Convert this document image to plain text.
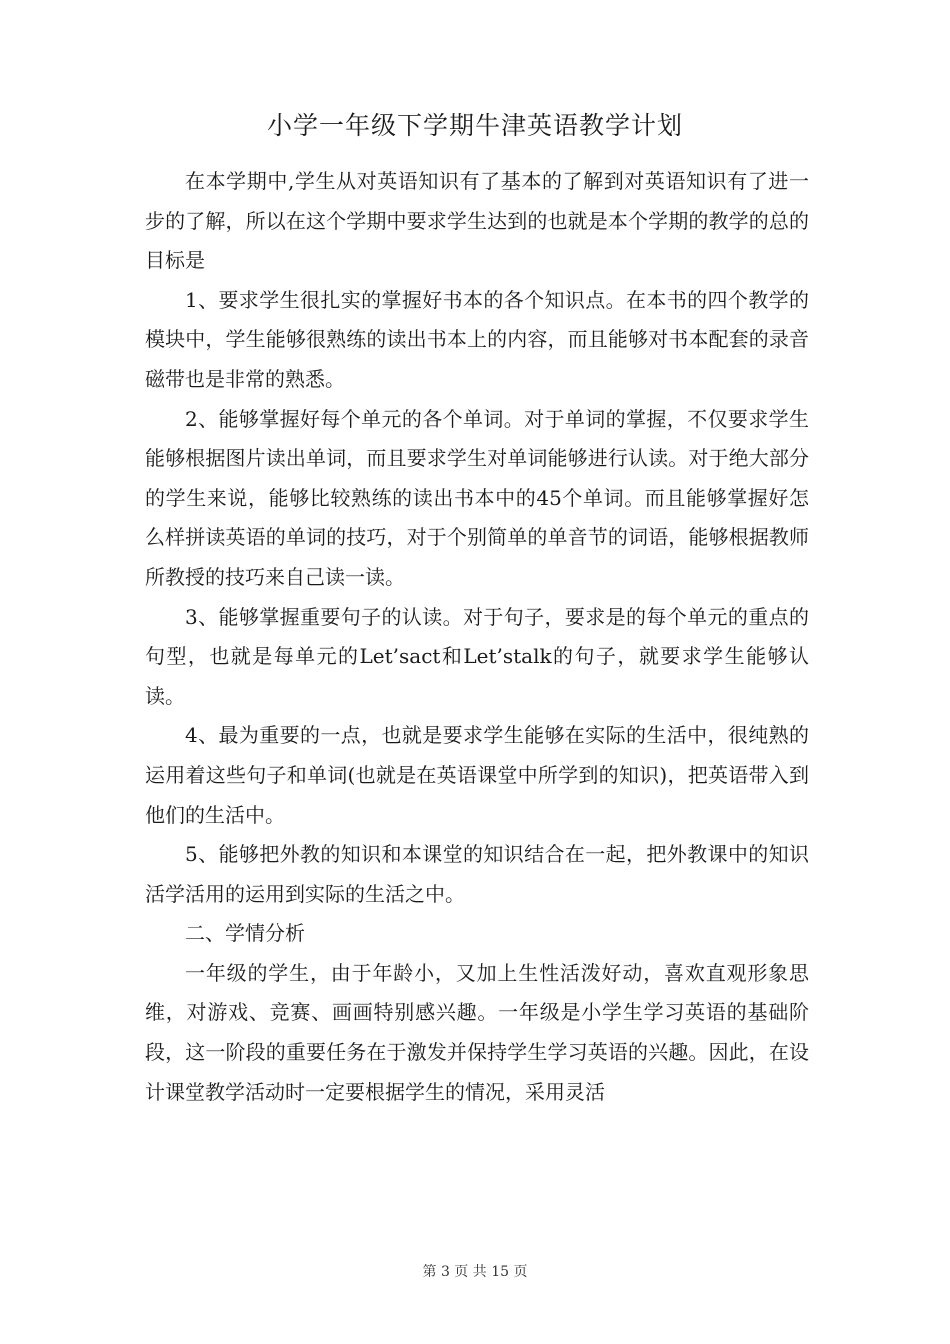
小学一年级下学期牛津英语教学计划

在本学期中,学生从对英语知识有了基本的了解到对英语知识有了进一步的了解，所以在这个学期中要求学生达到的也就是本个学期的教学的总的目标是

1、要求学生很扎实的掌握好书本的各个知识点。在本书的四个教学的模块中，学生能够很熟练的读出书本上的内容，而且能够对书本配套的录音磁带也是非常的熟悉。

2、能够掌握好每个单元的各个单词。对于单词的掌握，不仅要求学生能够根据图片读出单词，而且要求学生对单词能够进行认读。对于绝大部分的学生来说，能够比较熟练的读出书本中的45个单词。而且能够掌握好怎么样拼读英语的单词的技巧，对于个别简单的单音节的词语，能够根据教师所教授的技巧来自己读一读。

3、能够掌握重要句子的认读。对于句子，要求是的每个单元的重点的句型，也就是每单元的Let’sact和Let’stalk的句子，就要求学生能够认读。

4、最为重要的一点，也就是要求学生能够在实际的生活中，很纯熟的运用着这些句子和单词(也就是在英语课堂中所学到的知识)，把英语带入到他们的生活中。

5、能够把外教的知识和本课堂的知识结合在一起，把外教课中的知识活学活用的运用到实际的生活之中。

二、学情分析

一年级的学生，由于年龄小，又加上生性活泼好动，喜欢直观形象思维，对游戏、竞赛、画画特别感兴趣。一年级是小学生学习英语的基础阶段，这一阶段的重要任务在于激发并保持学生学习英语的兴趣。因此，在设计课堂教学活动时一定要根据学生的情况，采用灵活

第 3 页 共 15 页
